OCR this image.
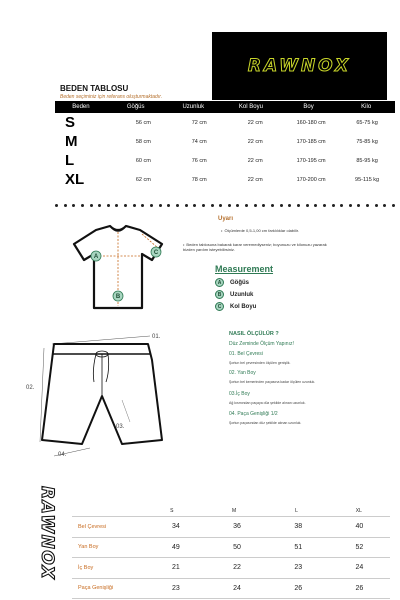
RAWNOX
BEDEN TABLOSU
Beden seçiminiz için referans oluşturmaktadır.
Beden	Göğüs	Uzunluk	Kol Boyu	Boy	Kilo
S	56 cm	72 cm	22 cm	160-180 cm	65-75 kg
M	58 cm	74 cm	22 cm	170-185 cm	75-85 kg
L	60 cm	76 cm	22 cm	170-195 cm	85-95 kg
XL	62 cm	78 cm	22 cm	170-200 cm	95-115 kg
Uyarı
• Ölçümlerde 0,5-1,00 cm farklılıklar olabilir.
• Beden tablosuna bakarak karar veremediyseniz; boyunuzu ve kilonuzu yazarak bizden yardım isteyebilirsiniz.
A
B
C
Measurement
A	Göğüs
B	Uzunluk
C	Kol Boyu
01.
02.
03.
04.
NASIL ÖLÇÜLÜR ?
Düz Zeminde Ölçüm Yapınız!
01. Bel Çevresi
Şortun bel çevresinden ölçülen genişlik.
02. Yan Boy
Şortun bel kemerinden paçasına kadar ölçülen uzunluk.
03.İç Boy
Ağ kısmından paçaya düz şekilde alınan uzunluk.
04. Paça Genişliği 1/2
Şortun paçasından düz şekilde alınan uzunluk.
RAWNOX	S	M	L	XL
Bel Çevresi	34	36	38	40
Yan Boy	49	50	51	52
İç Boy	21	22	23	24
Paça Genişliği	23	24	26	26
